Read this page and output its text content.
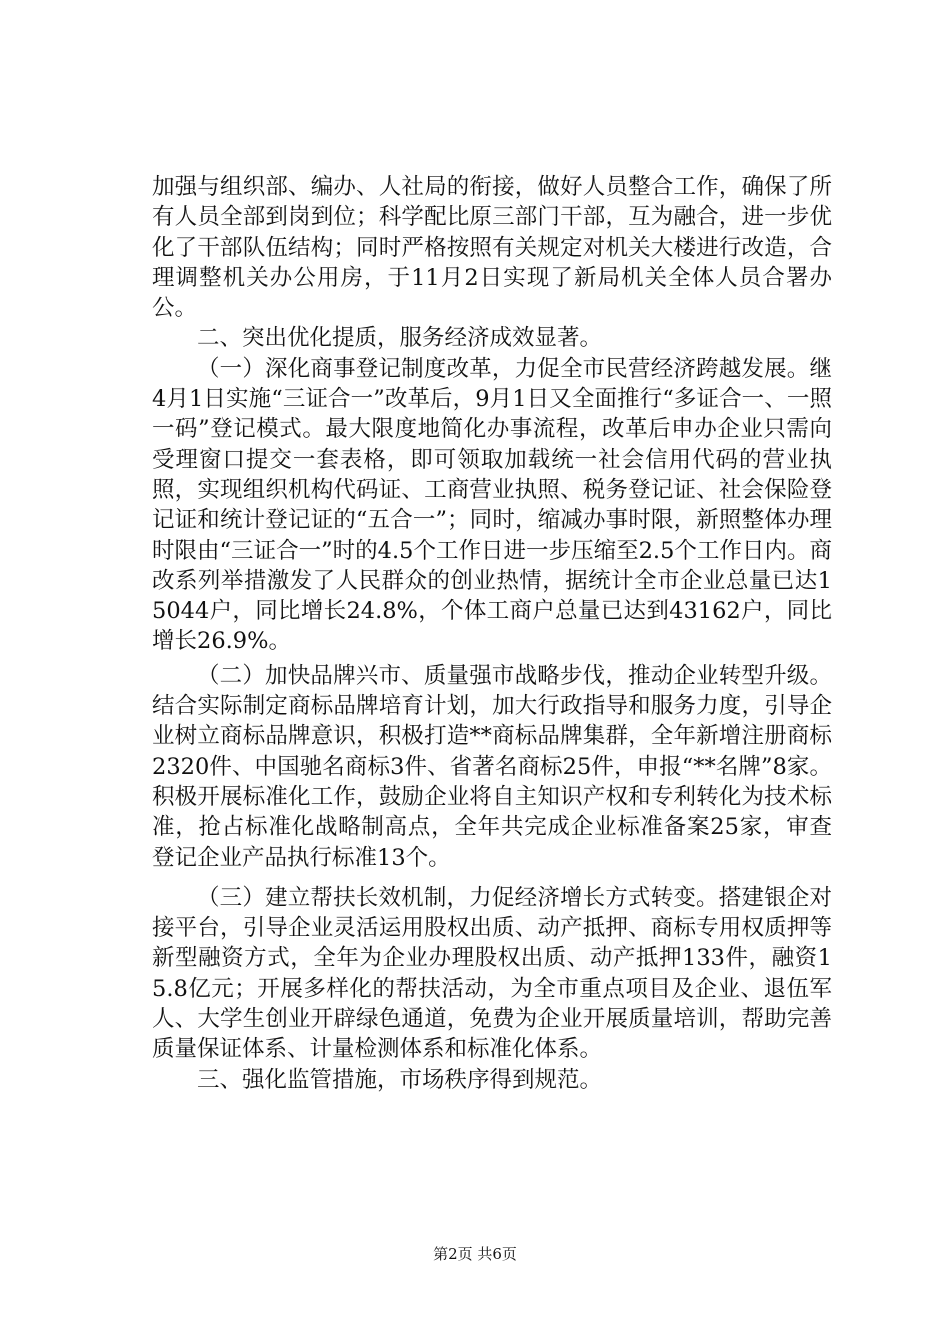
加强与组织部、编办、人社局的衔接，做好人员整合工作，确保了所有人员全部到岗到位；科学配比原三部门干部，互为融合，进一步优化了干部队伍结构；同时严格按照有关规定对机关大楼进行改造，合理调整机关办公用房，于11月2日实现了新局机关全体人员合署办公。

二、突出优化提质，服务经济成效显著。

（一）深化商事登记制度改革，力促全市民营经济跨越发展。继4月1日实施“三证合一”改革后，9月1日又全面推行“多证合一、一照一码”登记模式。最大限度地简化办事流程，改革后申办企业只需向受理窗口提交一套表格，即可领取加载统一社会信用代码的营业执照，实现组织机构代码证、工商营业执照、税务登记证、社会保险登记证和统计登记证的“五合一”；同时，缩减办事时限，新照整体办理时限由“三证合一”时的4.5个工作日进一步压缩至2.5个工作日内。商改系列举措激发了人民群众的创业热情，据统计全市企业总量已达15044户，同比增长24.8%，个体工商户总量已达到43162户，同比增长26.9%。

（二）加快品牌兴市、质量强市战略步伐，推动企业转型升级。结合实际制定商标品牌培育计划，加大行政指导和服务力度，引导企业树立商标品牌意识，积极打造**商标品牌集群，全年新增注册商标2320件、中国驰名商标3件、省著名商标25件，申报“**名牌”8家。积极开展标准化工作，鼓励企业将自主知识产权和专利转化为技术标准，抢占标准化战略制高点，全年共完成企业标准备案25家，审查登记企业产品执行标准13个。

（三）建立帮扶长效机制，力促经济增长方式转变。搭建银企对接平台，引导企业灵活运用股权出质、动产抵押、商标专用权质押等新型融资方式，全年为企业办理股权出质、动产抵押133件，融资15.8亿元；开展多样化的帮扶活动，为全市重点项目及企业、退伍军人、大学生创业开辟绿色通道，免费为企业开展质量培训，帮助完善质量保证体系、计量检测体系和标准化体系。

三、强化监管措施，市场秩序得到规范。

第2页 共6页
